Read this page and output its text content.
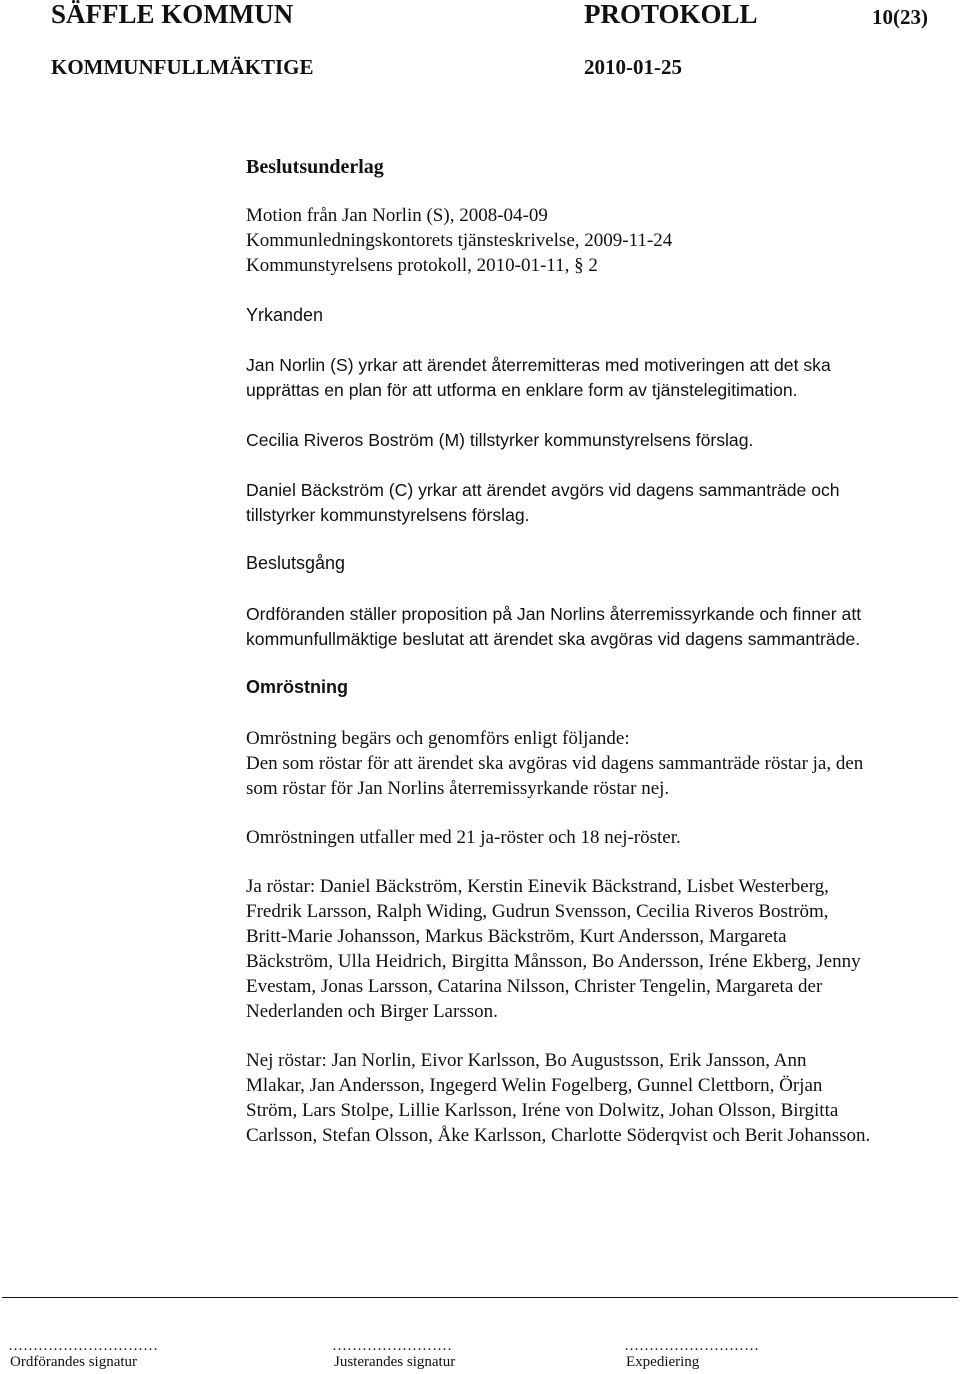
SÄFFLE KOMMUN	PROTOKOLL	10(23)
KOMMUNFULLMÄKTIGE	2010-01-25
Beslutsunderlag
Motion från Jan Norlin (S), 2008-04-09
Kommunledningskontorets tjänsteskrivelse, 2009-11-24
Kommunstyrelsens protokoll, 2010-01-11, § 2
Yrkanden
Jan Norlin (S) yrkar att ärendet återremitteras med motiveringen att det ska
upprättas en plan för att utforma en enklare form av tjänstelegitimation.
Cecilia Riveros Boström (M) tillstyrker kommunstyrelsens förslag.
Daniel Bäckström (C) yrkar att ärendet avgörs vid dagens sammanträde och
tillstyrker kommunstyrelsens förslag.
Beslutsgång
Ordföranden ställer proposition på Jan Norlins återremissyrkande och finner att
kommunfullmäktige beslutat att ärendet ska avgöras vid dagens sammanträde.
Omröstning
Omröstning begärs och genomförs enligt följande:
Den som röstar för att ärendet ska avgöras vid dagens sammanträde röstar ja, den
som röstar för Jan Norlins återremissyrkande röstar nej.
Omröstningen utfaller med 21 ja-röster och 18 nej-röster.
Ja röstar: Daniel Bäckström, Kerstin Einevik Bäckstrand, Lisbet Westerberg,
Fredrik Larsson, Ralph Widing, Gudrun Svensson, Cecilia Riveros Boström,
Britt-Marie Johansson, Markus Bäckström, Kurt Andersson, Margareta
Bäckström, Ulla Heidrich, Birgitta Månsson, Bo Andersson, Iréne Ekberg, Jenny
Evestam, Jonas Larsson, Catarina Nilsson, Christer Tengelin, Margareta der
Nederlanden och Birger Larsson.
Nej röstar: Jan Norlin, Eivor Karlsson, Bo Augustsson, Erik Jansson, Ann
Mlakar, Jan Andersson, Ingegerd Welin Fogelberg, Gunnel Clettborn, Örjan
Ström, Lars Stolpe, Lillie Karlsson, Iréne von Dolwitz, Johan Olsson, Birgitta
Carlsson, Stefan Olsson, Åke Karlsson, Charlotte Söderqvist och Berit Johansson.
…………………………	……………………	………………………
Ordförandes signatur	Justerandes signatur	Expediering
